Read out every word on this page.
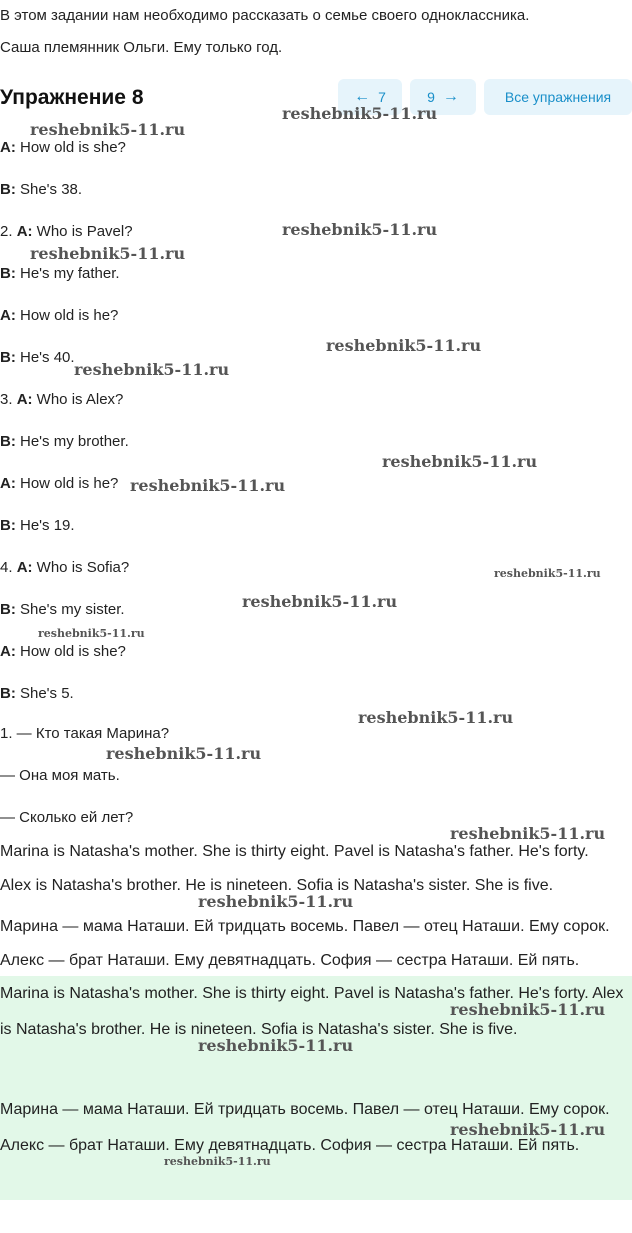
В этом задании нам необходимо рассказать о семье своего одноклассника.

Саша племянник Ольги. Ему только год.

Упражнение 8	← 7	9 →	Все упражнения

A: How old is she?

B: She's 38.

2. A: Who is Pavel?

B: He's my father.

A: How old is he?

B: He's 40.

3. A: Who is Alex?

B: He's my brother.

A: How old is he?

B: He's 19.

4. A: Who is Sofia?

B: She's my sister.

A: How old is she?

B: She's 5.

1. — Кто такая Марина?

— Она моя мать.

— Сколько ей лет?

Marina is Natasha's mother. She is thirty eight. Pavel is Natasha's father. He's forty.

Alex is Natasha's brother. He is nineteen. Sofia is Natasha's sister. She is five.

Марина — мама Наташи. Ей тридцать восемь. Павел — отец Наташи. Ему сорок.

Алекс — брат Наташи. Ему девятнадцать. София — сестра Наташи. Ей пять.

Marina is Natasha's mother. She is thirty eight. Pavel is Natasha's father. He's forty. Alex is Natasha's brother. He is nineteen. Sofia is Natasha's sister. She is five.

Марина — мама Наташи. Ей тридцать восемь. Павел — отец Наташи. Ему сорок. Алекс — брат Наташи. Ему девятнадцать. София — сестра Наташи. Ей пять.

reshebnik5-11.ru
reshebnik5-11.ru
reshebnik5-11.ru
reshebnik5-11.ru
reshebnik5-11.ru
reshebnik5-11.ru
reshebnik5-11.ru
reshebnik5-11.ru
reshebnik5-11.ru
reshebnik5-11.ru
reshebnik5-11.ru
reshebnik5-11.ru
reshebnik5-11.ru
reshebnik5-11.ru
reshebnik5-11.ru
reshebnik5-11.ru
reshebnik5-11.ru
reshebnik5-11.ru
reshebnik5-11.ru
